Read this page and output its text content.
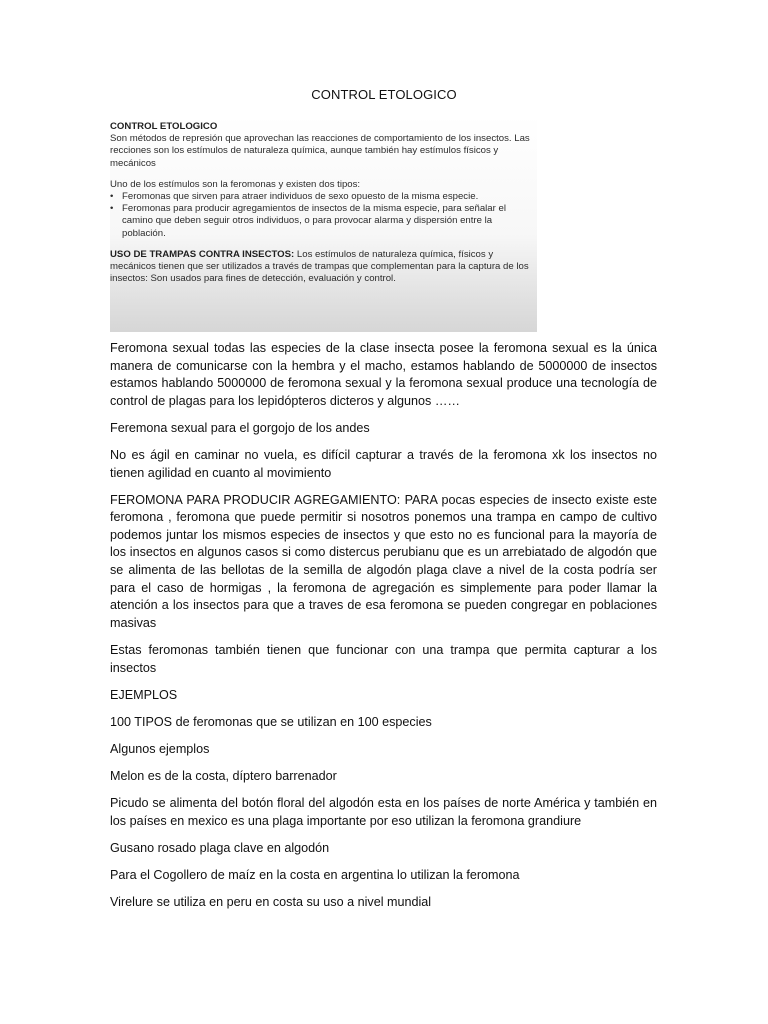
CONTROL ETOLOGICO

CONTROL ETOLOGICO

Son métodos de represión que aprovechan las reacciones de comportamiento de los insectos. Las recciones son los estímulos de naturaleza química, aunque también hay estímulos físicos y mecánicos

Uno de los estímulos son la feromonas y existen dos tipos:

• Feromonas que sirven para atraer individuos de sexo opuesto de la misma especie.
• Feromonas para producir agregamientos de insectos de la misma especie, para señalar el camino que deben seguir otros individuos, o para provocar alarma y dispersión entre la población.

USO DE TRAMPAS CONTRA INSECTOS: Los estímulos de naturaleza química, físicos y mecánicos tienen que ser utilizados a través de trampas que complementan para la captura de los insectos: Son usados para fines de detección, evaluación y control.

Feromona sexual todas las especies de la clase insecta posee la feromona sexual es la única manera de comunicarse con la hembra y el macho, estamos hablando de 5000000 de insectos estamos hablando 5000000 de feromona sexual y la feromona sexual produce una tecnología de control de plagas para los lepidópteros dicteros y algunos ……

Feremona sexual para el gorgojo de los andes

No es ágil en caminar no vuela, es difícil capturar a través de la feromona xk los insectos no tienen agilidad en cuanto al movimiento

FEROMONA PARA PRODUCIR AGREGAMIENTO: PARA pocas especies de insecto existe este feromona , feromona que puede permitir si nosotros ponemos una trampa en campo de cultivo podemos juntar los mismos especies de insectos y que esto no es funcional para la mayoría de los insectos en algunos casos si como distercus perubianu que es un arrebiatado de algodón que se alimenta de las bellotas de la semilla de algodón plaga clave a nivel de la costa podría ser para el caso de hormigas , la feromona de agregación es simplemente para poder llamar la atención a los insectos para que a traves de esa feromona se pueden congregar en poblaciones masivas

Estas feromonas también tienen que funcionar con una trampa que permita capturar a los insectos

EJEMPLOS

100 TIPOS de feromonas que se utilizan en 100 especies

Algunos ejemplos

Melon es de la costa, díptero barrenador

Picudo se alimenta del botón floral del algodón esta en los países de norte América y también en los países en mexico es una plaga importante por eso utilizan la feromona grandiure

Gusano rosado plaga clave en algodón

Para el Cogollero de maíz en la costa en argentina lo utilizan la feromona

Virelure se utiliza en peru en costa su uso a nivel mundial
